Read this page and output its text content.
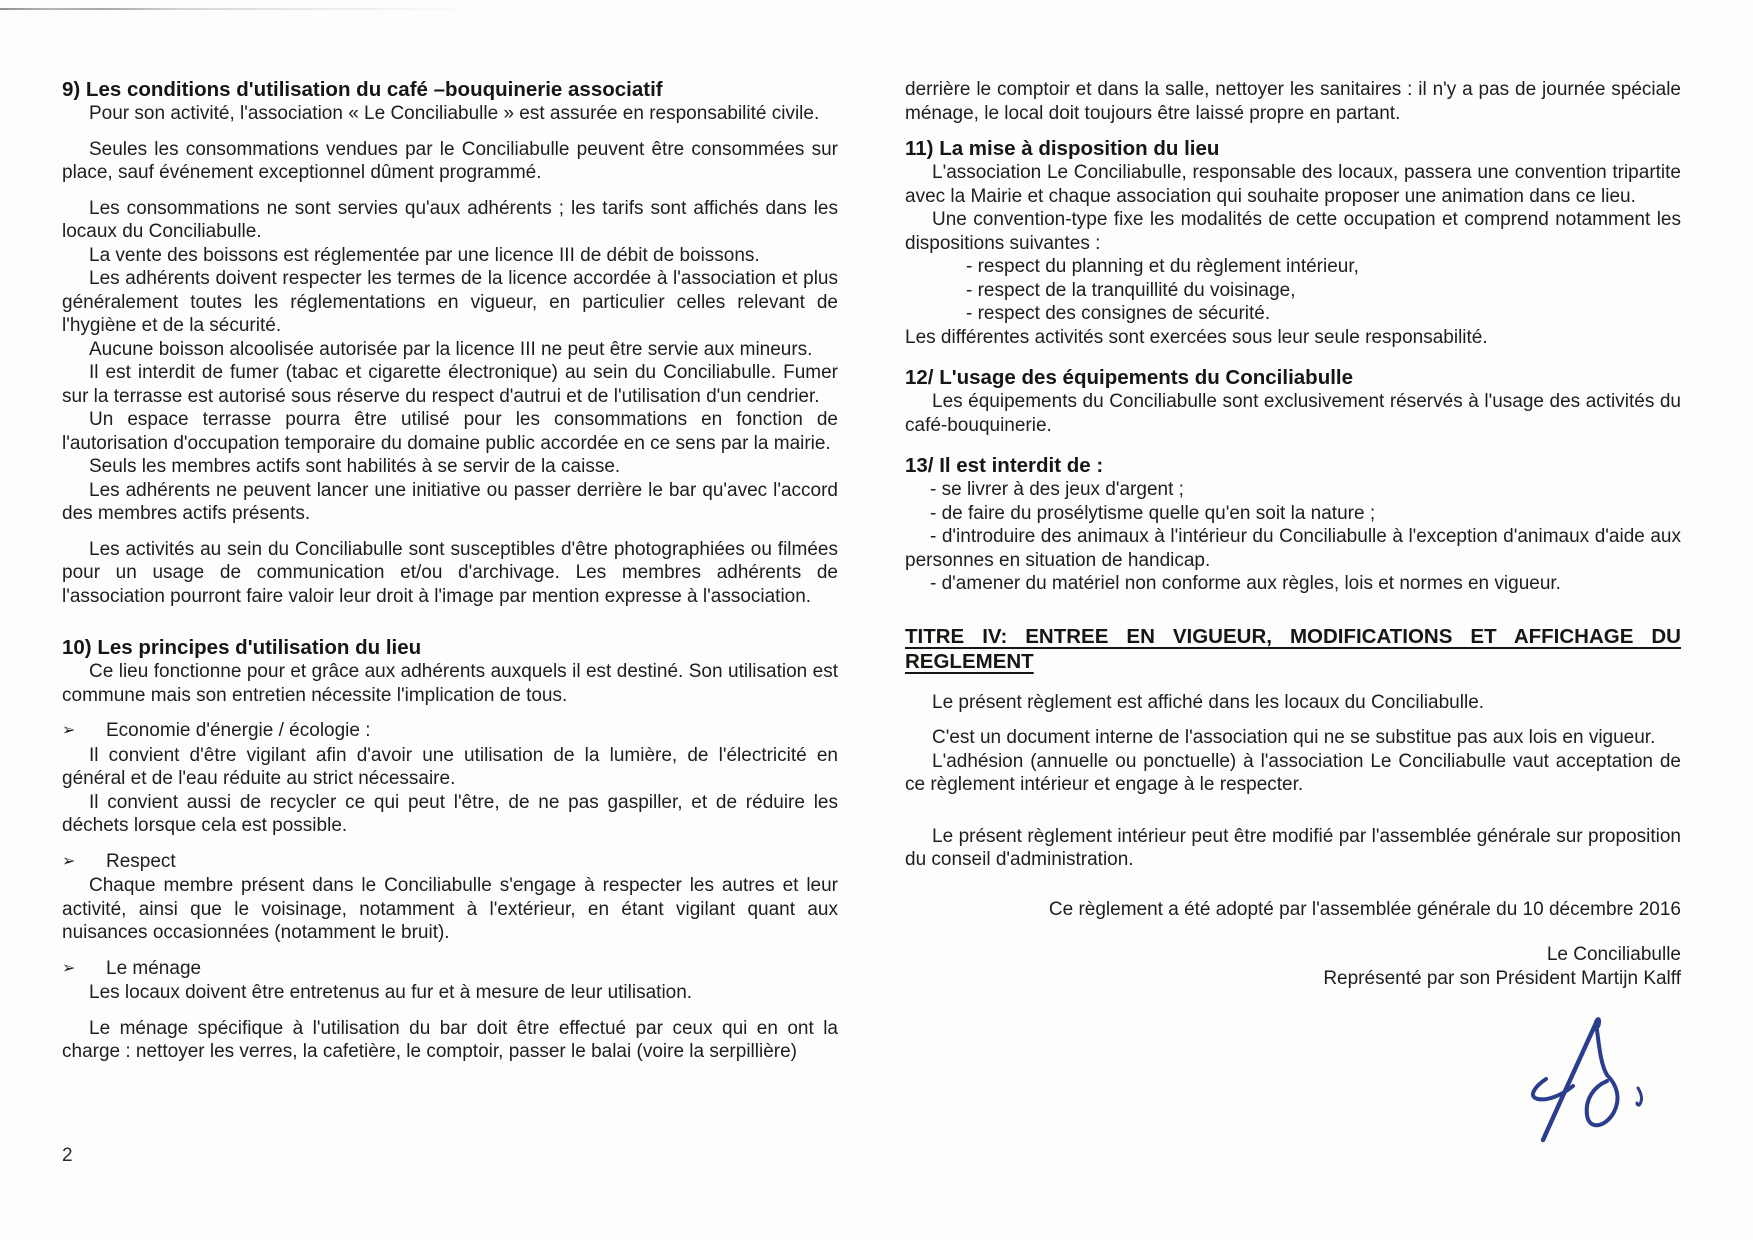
9) Les conditions d'utilisation du café –bouquinerie associatif

Pour son activité, l'association « Le Conciliabulle » est assurée en responsabilité civile.

Seules les consommations vendues par le Conciliabulle peuvent être consommées sur place, sauf événement exceptionnel dûment programmé.

Les consommations ne sont servies qu'aux adhérents ; les tarifs sont affichés dans les locaux du Conciliabulle.

La vente des boissons est réglementée par une licence III de débit de boissons.

Les adhérents doivent respecter les termes de la licence accordée à l'association et plus généralement toutes les réglementations en vigueur, en particulier celles relevant de l'hygiène et de la sécurité.

Aucune boisson alcoolisée autorisée par la licence III ne peut être servie aux mineurs.

Il est interdit de fumer (tabac et cigarette électronique) au sein du Conciliabulle. Fumer sur la terrasse est autorisé sous réserve du respect d'autrui et de l'utilisation d'un cendrier.

Un espace terrasse pourra être utilisé pour les consommations en fonction de l'autorisation d'occupation temporaire du domaine public accordée en ce sens par la mairie.

Seuls les membres actifs sont habilités à se servir de la caisse.

Les adhérents ne peuvent lancer une initiative ou passer derrière le bar qu'avec l'accord des membres actifs présents.

Les activités au sein du Conciliabulle sont susceptibles d'être photographiées ou filmées pour un usage de communication et/ou d'archivage. Les membres adhérents de l'association pourront faire valoir leur droit à l'image par mention expresse à l'association.

10) Les principes d'utilisation du lieu

Ce lieu fonctionne pour et grâce aux adhérents auxquels il est destiné. Son utilisation est commune mais son entretien nécessite l'implication de tous.

➢ Economie d'énergie / écologie :

Il convient d'être vigilant afin d'avoir une utilisation de la lumière, de l'électricité en général et de l'eau réduite au strict nécessaire.

Il convient aussi de recycler ce qui peut l'être, de ne pas gaspiller, et de réduire les déchets lorsque cela est possible.

➢ Respect

Chaque membre présent dans le Conciliabulle s'engage à respecter les autres et leur activité, ainsi que le voisinage, notamment à l'extérieur, en étant vigilant quant aux nuisances occasionnées (notamment le bruit).

➢ Le ménage

Les locaux doivent être entretenus au fur et à mesure de leur utilisation.

Le ménage spécifique à l'utilisation du bar doit être effectué par ceux qui en ont la charge : nettoyer les verres, la cafetière, le comptoir, passer le balai (voire la serpillière)

derrière le comptoir et dans la salle, nettoyer les sanitaires : il n'y a pas de journée spéciale ménage, le local doit toujours être laissé propre en partant.

11) La mise à disposition du lieu

L'association Le Conciliabulle, responsable des locaux, passera une convention tripartite avec la Mairie et chaque association qui souhaite proposer une animation dans ce lieu.

Une convention-type fixe les modalités de cette occupation et comprend notamment les dispositions suivantes :

- respect du planning et du règlement intérieur,

- respect de la tranquillité du voisinage,

- respect des consignes de sécurité.

Les différentes activités sont exercées sous leur seule responsabilité.

12/ L'usage des équipements du Conciliabulle

Les équipements du Conciliabulle sont exclusivement réservés à l'usage des activités du café-bouquinerie.

13/ Il est interdit de :

- se livrer à des jeux d'argent ;

- de faire du prosélytisme quelle qu'en soit la nature ;

- d'introduire des animaux à l'intérieur du Conciliabulle à l'exception d'animaux d'aide aux personnes en situation de handicap.

- d'amener du matériel non conforme aux règles, lois et normes en vigueur.

TITRE IV: ENTREE EN VIGUEUR, MODIFICATIONS ET AFFICHAGE DU
REGLEMENT

Le présent règlement est affiché dans les locaux du Conciliabulle.

C'est un document interne de l'association qui ne se substitue pas aux lois en vigueur.

L'adhésion (annuelle ou ponctuelle) à l'association Le Conciliabulle vaut acceptation de ce règlement intérieur et engage à le respecter.

Le présent règlement intérieur peut être modifié par l'assemblée générale sur proposition du conseil d'administration.

Ce règlement a été adopté par l'assemblée générale du 10 décembre 2016

Le Conciliabulle

Représenté par son Président Martijn Kalff

2
